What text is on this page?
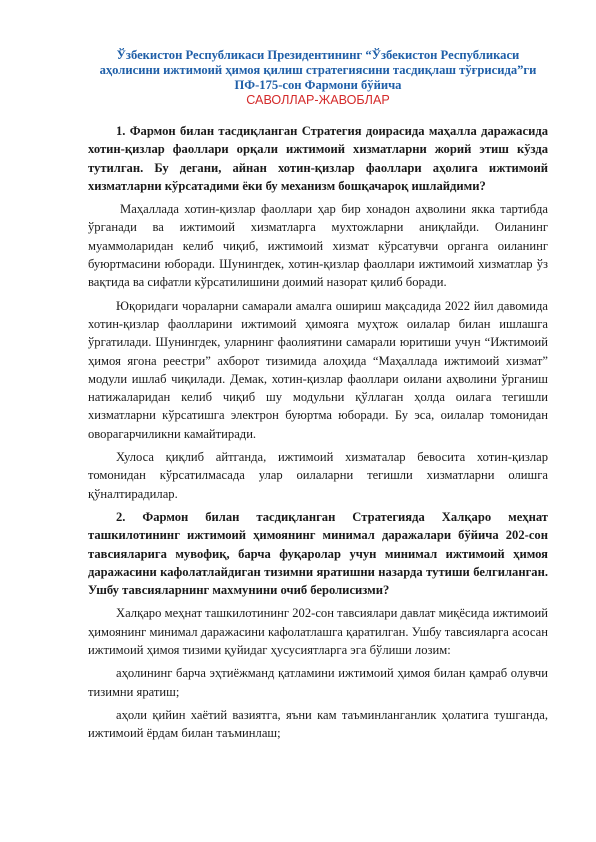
Ўзбекистон Республикаси Президентининг “Ўзбекистон Республикаси аҳолисини ижтимоий ҳимоя қилиш стратегиясини тасдиқлаш тўғрисида”ги ПФ-175-сон Фармони бўйича

САВОЛЛАР-ЖАВОБЛАР

1. Фармон билан тасдиқланган Стратегия доирасида маҳалла даражасида хотин-қизлар фаоллари орқали ижтимоий хизматларни жорий этиш кўзда тутилган. Бу дегани, айнан хотин-қизлар фаоллари аҳолига ижтимоий хизматларни кўрсатадими ёки бу механизм бошқачароқ ишлайдими?

Маҳаллада хотин-қизлар фаоллари ҳар бир хонадон аҳволини якка тартибда ўрганади ва ижтимоий хизматларга мухтожларни аниқлайди. Оиланинг муаммоларидан келиб чиқиб, ижтимоий хизмат кўрсатувчи органга оиланинг буюртмасини юборади. Шунингдек, хотин-қизлар фаоллари ижтимоий хизматлар ўз вақтида ва сифатли кўрсатилишини доимий назорат қилиб боради.

Юқоридаги чораларни самарали амалга ошириш мақсадида 2022 йил давомида хотин-қизлар фаолларини ижтимоий ҳимояга муҳтож оилалар билан ишлашга ўргатилади. Шунингдек, уларнинг фаолиятини самарали юритиши учун “Ижтимоий ҳимоя ягона реестри” ахборот тизимида алоҳида “Маҳаллада ижтимоий хизмат” модули ишлаб чиқилади. Демак, хотин-қизлар фаоллари оилани аҳволини ўрганиш натижаларидан келиб чиқиб шу модульни қўллаган ҳолда оилага тегишли хизматларни кўрсатишга электрон буюртма юборади. Бу эса, оилалар томонидан оворагарчиликни камайтиради.

Хулоса қиқлиб айтганда, ижтимоий хизматалар бевосита хотин-қизлар томонидан кўрсатилмасада улар оилаларни тегишли хизматларни олишга қўналтирадилар.

2. Фармон билан тасдиқланган Стратегияда Халқаро меҳнат ташкилотининг ижтимоий ҳимоянинг минимал даражалари бўйича 202-сон тавсияларига мувофиқ, барча фуқаролар учун минимал ижтимоий ҳимоя даражасини кафолатлайдиган тизимни яратишни назарда тутиши белгиланган. Ушбу тавсияларнинг махмунини очиб беролисизми?

Халқаро меҳнат ташкилотининг 202-сон тавсиялари давлат миқёсида ижтимоий ҳимоянинг минимал даражасини кафолатлашга қаратилган. Ушбу тавсияларга асосан ижтимоий ҳимоя тизими қуйидаг ҳусусиятларга эга бўлиши лозим:

аҳолининг барча эҳтиёжманд қатламини ижтимоий ҳимоя билан қамраб олувчи тизимни яратиш;

аҳоли қийин хаётий вазиятга, яъни кам таъминланганлик ҳолатига тушганда, ижтимоий ёрдам билан таъминлаш;
